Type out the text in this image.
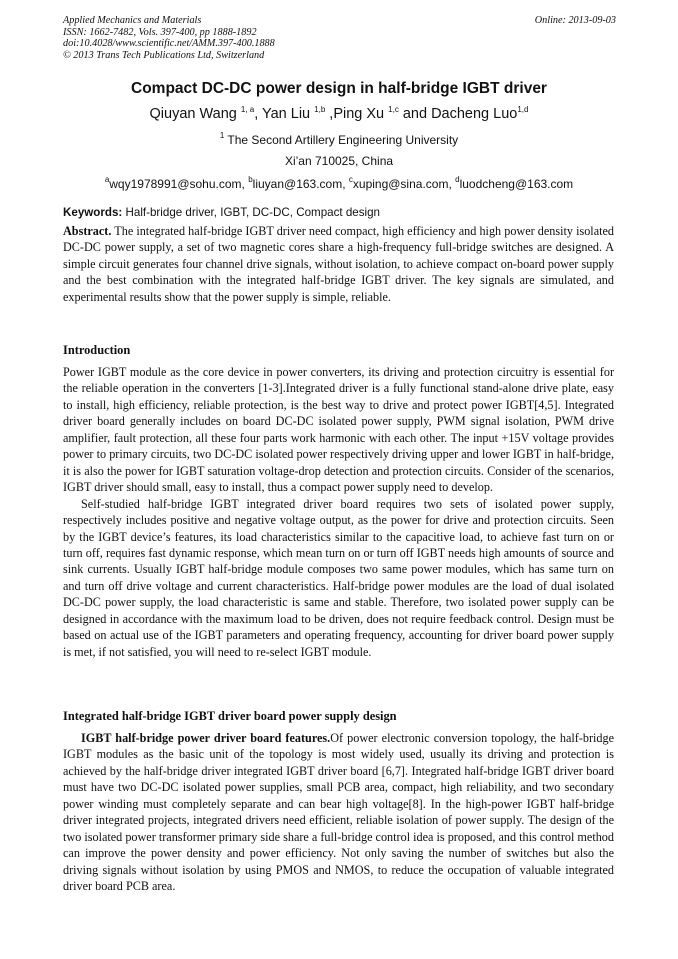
Applied Mechanics and Materials
ISSN: 1662-7482, Vols. 397-400, pp 1888-1892
doi:10.4028/www.scientific.net/AMM.397-400.1888
© 2013 Trans Tech Publications Ltd, Switzerland
Online: 2013-09-03
Compact DC-DC power design in half-bridge IGBT driver
Qiuyan Wang $^{1, a}$, Yan Liu $^{1,b}$ ,Ping Xu $^{1,c}$ and Dacheng Luo$^{1,d}$
$^1$ The Second Artillery Engineering University
Xi’an 710025, China
$^a$wqy1978991@sohu.com, $^b$liuyan@163.com, $^c$xuping@sina.com, $^d$luodcheng@163.com
Keywords: Half-bridge driver, IGBT, DC-DC, Compact design

Abstract. The integrated half-bridge IGBT driver need compact, high efficiency and high power density isolated DC-DC power supply, a set of two magnetic cores share a high-frequency full-bridge switches are designed. A simple circuit generates four channel drive signals, without isolation, to achieve compact on-board power supply and the best combination with the integrated half-bridge IGBT driver. The key signals are simulated, and experimental results show that the power supply is simple, reliable.

Introduction

Power IGBT module as the core device in power converters, its driving and protection circuitry is essential for the reliable operation in the converters [1-3].Integrated driver is a fully functional stand-alone drive plate, easy to install, high efficiency, reliable protection, is the best way to drive and protect power IGBT[4,5]. Integrated driver board generally includes on board DC-DC isolated power supply, PWM signal isolation, PWM drive amplifier, fault protection, all these four parts work harmonic with each other. The input +15V voltage provides power to primary circuits, two DC-DC isolated power respectively driving upper and lower IGBT in half-bridge, it is also the power for IGBT saturation voltage-drop detection and protection circuits. Consider of the scenarios, IGBT driver should small, easy to install, thus a compact power supply need to develop.

Self-studied half-bridge IGBT integrated driver board requires two sets of isolated power supply, respectively includes positive and negative voltage output, as the power for drive and protection circuits. Seen by the IGBT device’s features, its load characteristics similar to the capacitive load, to achieve fast turn on or turn off, requires fast dynamic response, which mean turn on or turn off IGBT needs high amounts of source and sink currents. Usually IGBT half-bridge module composes two same power modules, which has same turn on and turn off drive voltage and current characteristics. Half-bridge power modules are the load of dual isolated DC-DC power supply, the load characteristic is same and stable. Therefore, two isolated power supply can be designed in accordance with the maximum load to be driven, does not require feedback control. Design must be based on actual use of the IGBT parameters and operating frequency, accounting for driver board power supply is met, if not satisfied, you will need to re-select IGBT module.

Integrated half-bridge IGBT driver board power supply design

IGBT half-bridge power driver board features.Of power electronic conversion topology, the half-bridge IGBT modules as the basic unit of the topology is most widely used, usually its driving and protection is achieved by the half-bridge driver integrated IGBT driver board [6,7]. Integrated half-bridge IGBT driver board must have two DC-DC isolated power supplies, small PCB area, compact, high reliability, and two secondary power winding must completely separate and can bear high voltage[8]. In the high-power IGBT half-bridge driver integrated projects, integrated drivers need efficient, reliable isolation of power supply. The design of the two isolated power transformer primary side share a full-bridge control idea is proposed, and this control method can improve the power density and power efficiency. Not only saving the number of switches but also the driving signals without isolation by using PMOS and NMOS, to reduce the occupation of valuable integrated driver board PCB area.
